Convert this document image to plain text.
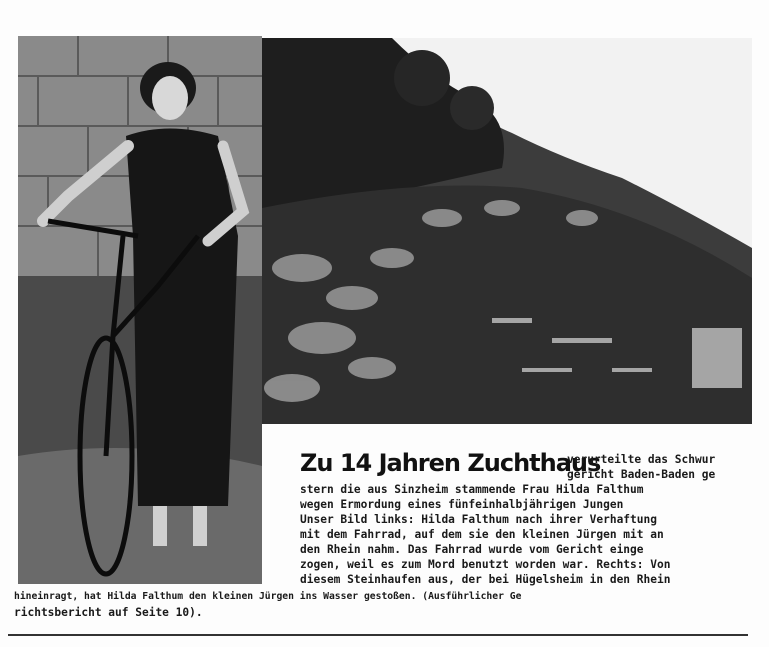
Zu 14 Jahren Zuchthaus

verurteilte das Schwur

gericht Baden-Baden ge

stern die aus Sinzheim stammende Frau Hilda Falthum

wegen Ermordung eines fünfeinhalbjährigen Jungen

Unser Bild links: Hilda Falthum nach ihrer Verhaftung

mit dem Fahrrad, auf dem sie den kleinen Jürgen mit an

den Rhein nahm. Das Fahrrad wurde vom Gericht einge

zogen, weil es zum Mord benutzt worden war. Rechts: Von

diesem Steinhaufen aus, der bei Hügelsheim in den Rhein

hineinragt, hat Hilda Falthum den kleinen Jürgen ins Wasser gestoßen. (Ausführlicher Ge

richtsbericht auf Seite 10).
